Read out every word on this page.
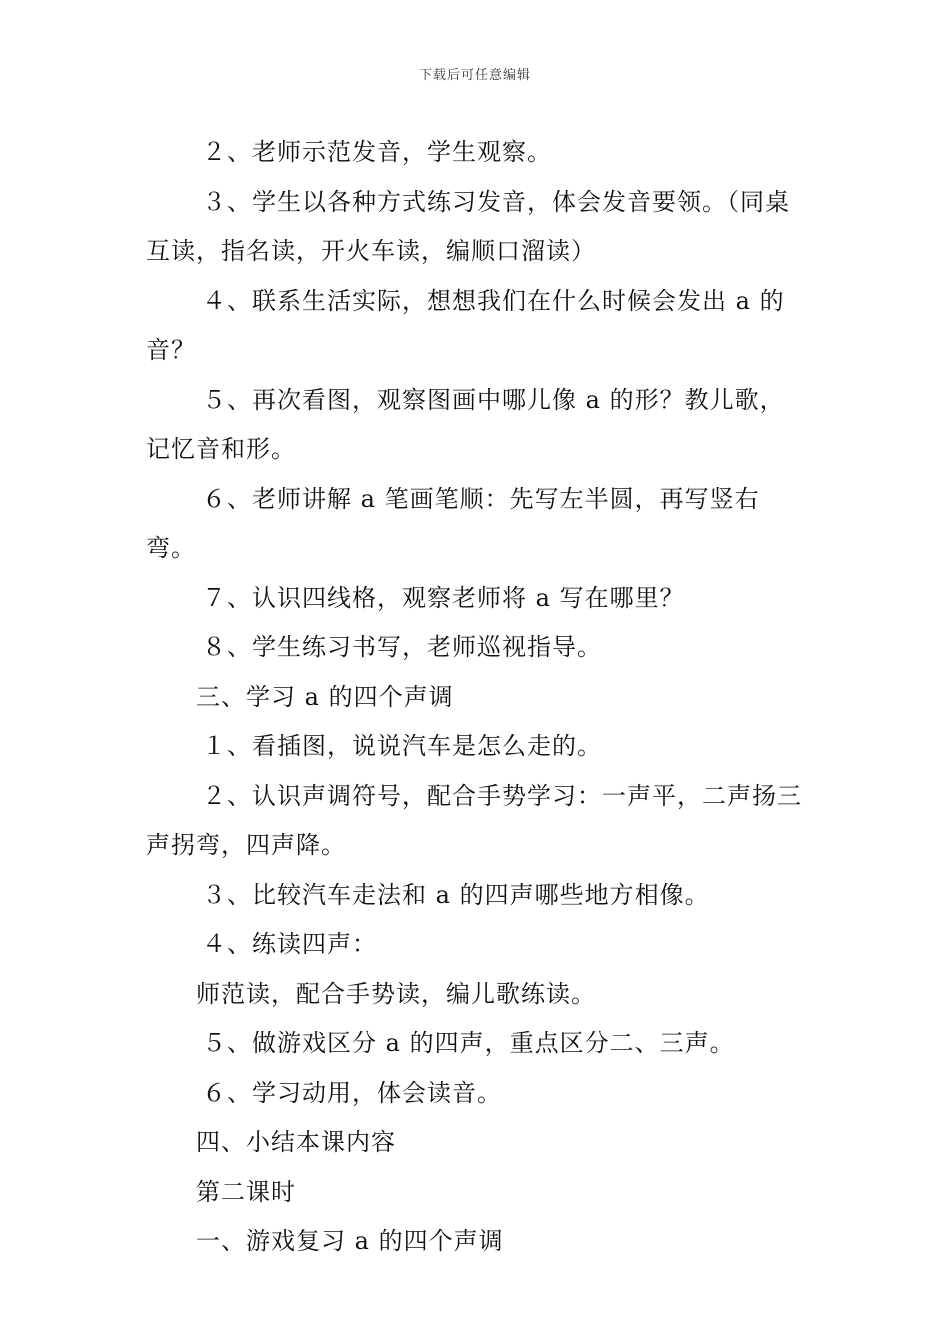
下载后可任意编辑

２、老师示范发音，学生观察。

３、学生以各种方式练习发音，体会发音要领。（同桌互读，指名读，开火车读，编顺口溜读）

４、联系生活实际，想想我们在什么时候会发出 a 的音？

５、再次看图，观察图画中哪儿像 a 的形？教儿歌，记忆音和形。

６、老师讲解 a 笔画笔顺：先写左半圆，再写竖右弯。

７、认识四线格，观察老师将 a 写在哪里？

８、学生练习书写，老师巡视指导。

三、学习 a 的四个声调

１、看插图，说说汽车是怎么走的。

２、认识声调符号，配合手势学习：一声平，二声扬三声拐弯，四声降。

３、比较汽车走法和 a 的四声哪些地方相像。

４、练读四声：

师范读，配合手势读，编儿歌练读。

５、做游戏区分 a 的四声，重点区分二、三声。

６、学习动用，体会读音。

四、小结本课内容

第二课时

一、游戏复习 a 的四个声调
